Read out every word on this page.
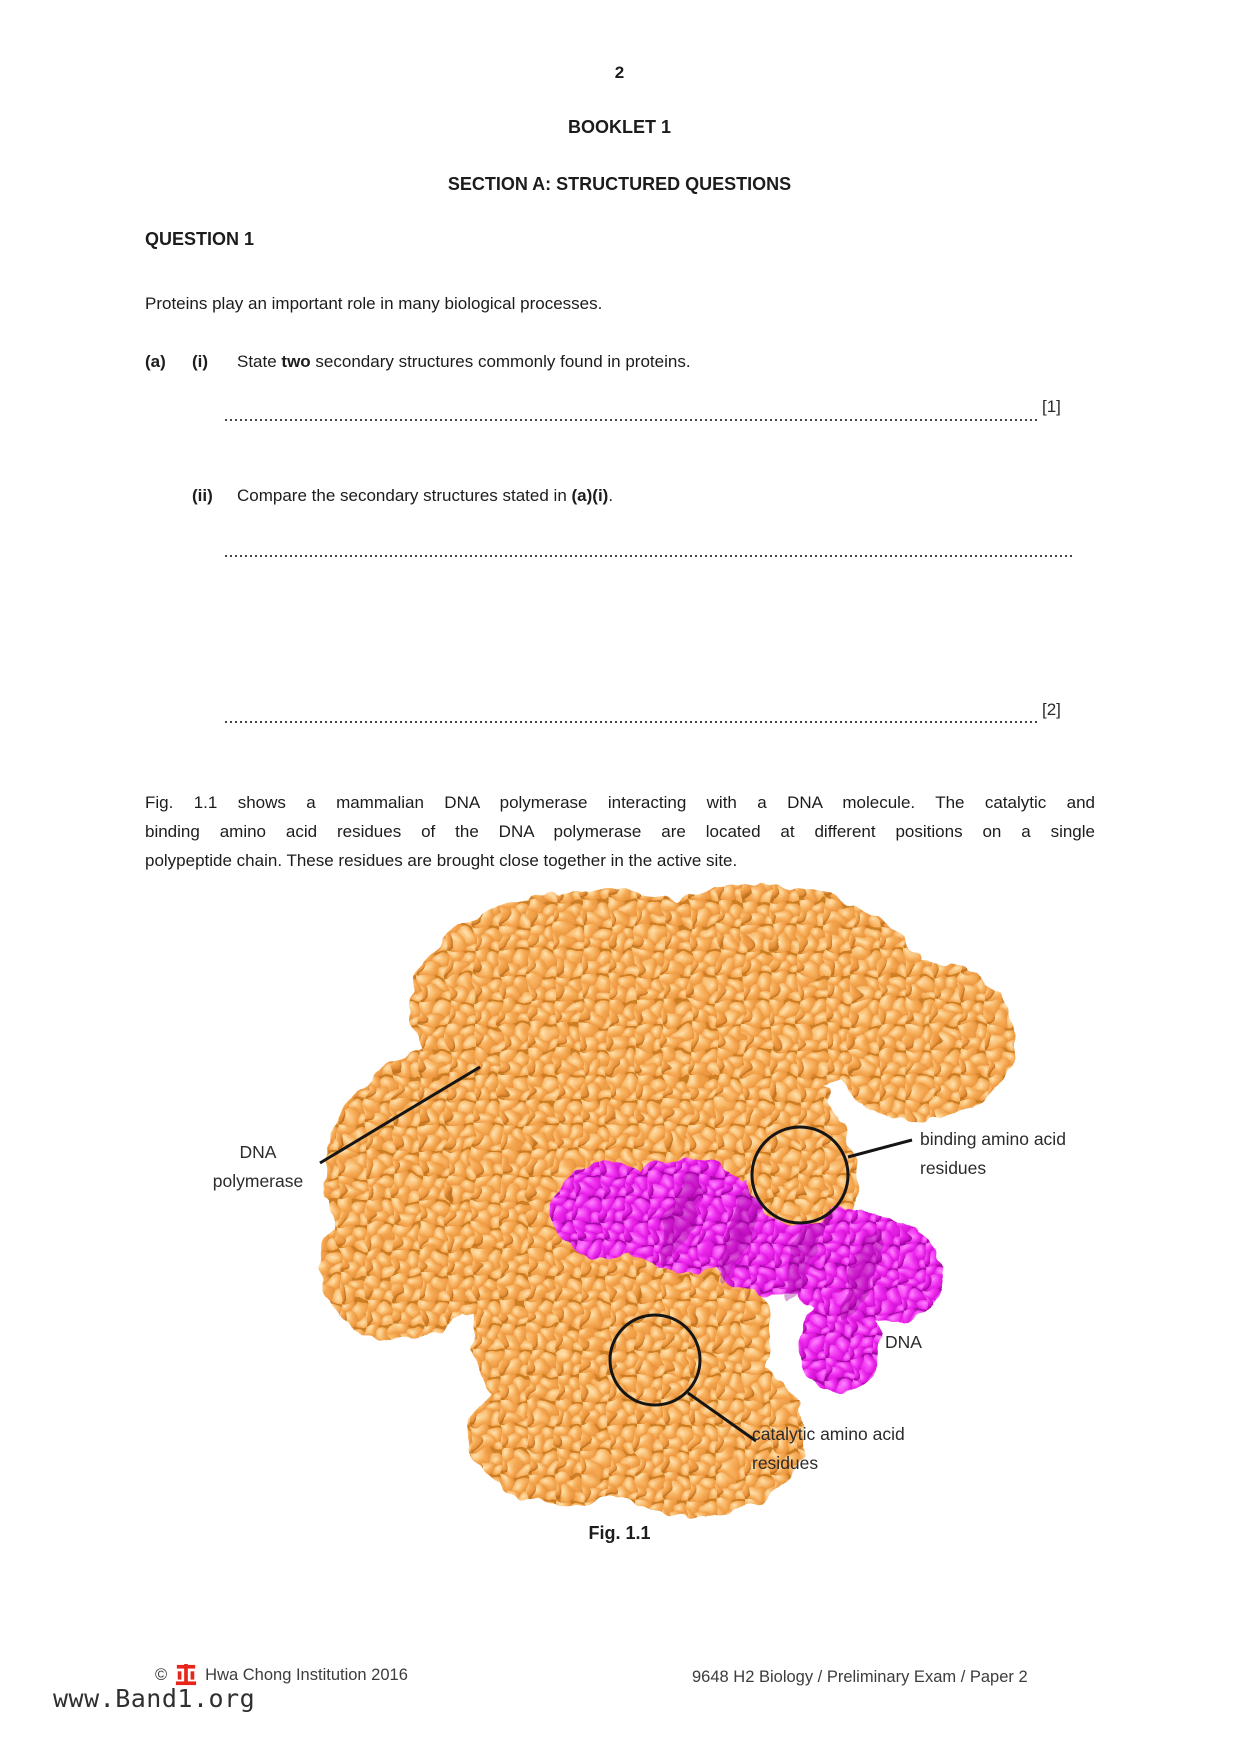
2
BOOKLET 1
SECTION A: STRUCTURED QUESTIONS
QUESTION 1
Proteins play an important role in many biological processes.
(a)	(i)	State two secondary structures commonly found in proteins.
[1]
(ii)	Compare the secondary structures stated in (a)(i).
[2]
Fig. 1.1 shows a mammalian DNA polymerase interacting with a DNA molecule. The catalytic and
binding amino acid residues of the DNA polymerase are located at different positions on a single
polypeptide chain. These residues are brought close together in the active site.
DNA polymerase
binding amino acid residues
DNA
catalytic amino acid residues
Fig. 1.1
© Hwa Chong Institution 2016	9648 H2 Biology / Preliminary Exam / Paper 2
www.Band1.org
